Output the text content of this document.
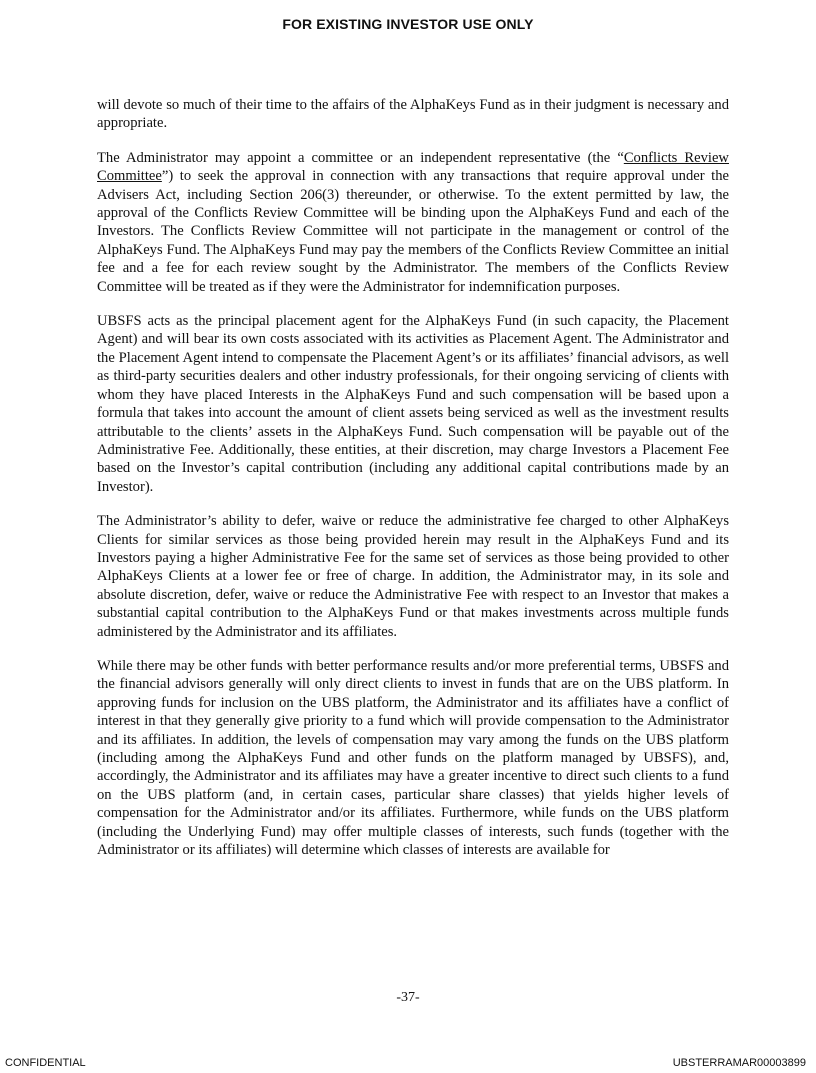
FOR EXISTING INVESTOR USE ONLY

will devote so much of their time to the affairs of the AlphaKeys Fund as in their judgment is necessary and appropriate.

The Administrator may appoint a committee or an independent representative (the “Conflicts Review Committee”) to seek the approval in connection with any transactions that require approval under the Advisers Act, including Section 206(3) thereunder, or otherwise. To the extent permitted by law, the approval of the Conflicts Review Committee will be binding upon the AlphaKeys Fund and each of the Investors. The Conflicts Review Committee will not participate in the management or control of the AlphaKeys Fund. The AlphaKeys Fund may pay the members of the Conflicts Review Committee an initial fee and a fee for each review sought by the Administrator. The members of the Conflicts Review Committee will be treated as if they were the Administrator for indemnification purposes.

UBSFS acts as the principal placement agent for the AlphaKeys Fund (in such capacity, the Placement Agent) and will bear its own costs associated with its activities as Placement Agent. The Administrator and the Placement Agent intend to compensate the Placement Agent’s or its affiliates’ financial advisors, as well as third-party securities dealers and other industry professionals, for their ongoing servicing of clients with whom they have placed Interests in the AlphaKeys Fund and such compensation will be based upon a formula that takes into account the amount of client assets being serviced as well as the investment results attributable to the clients’ assets in the AlphaKeys Fund. Such compensation will be payable out of the Administrative Fee. Additionally, these entities, at their discretion, may charge Investors a Placement Fee based on the Investor’s capital contribution (including any additional capital contributions made by an Investor).

The Administrator’s ability to defer, waive or reduce the administrative fee charged to other AlphaKeys Clients for similar services as those being provided herein may result in the AlphaKeys Fund and its Investors paying a higher Administrative Fee for the same set of services as those being provided to other AlphaKeys Clients at a lower fee or free of charge. In addition, the Administrator may, in its sole and absolute discretion, defer, waive or reduce the Administrative Fee with respect to an Investor that makes a substantial capital contribution to the AlphaKeys Fund or that makes investments across multiple funds administered by the Administrator and its affiliates.

While there may be other funds with better performance results and/or more preferential terms, UBSFS and the financial advisors generally will only direct clients to invest in funds that are on the UBS platform. In approving funds for inclusion on the UBS platform, the Administrator and its affiliates have a conflict of interest in that they generally give priority to a fund which will provide compensation to the Administrator and its affiliates. In addition, the levels of compensation may vary among the funds on the UBS platform (including among the AlphaKeys Fund and other funds on the platform managed by UBSFS), and, accordingly, the Administrator and its affiliates may have a greater incentive to direct such clients to a fund on the UBS platform (and, in certain cases, particular share classes) that yields higher levels of compensation for the Administrator and/or its affiliates. Furthermore, while funds on the UBS platform (including the Underlying Fund) may offer multiple classes of interests, such funds (together with the Administrator or its affiliates) will determine which classes of interests are available for

-37-
CONFIDENTIAL	UBSTERRAMAR00003899
